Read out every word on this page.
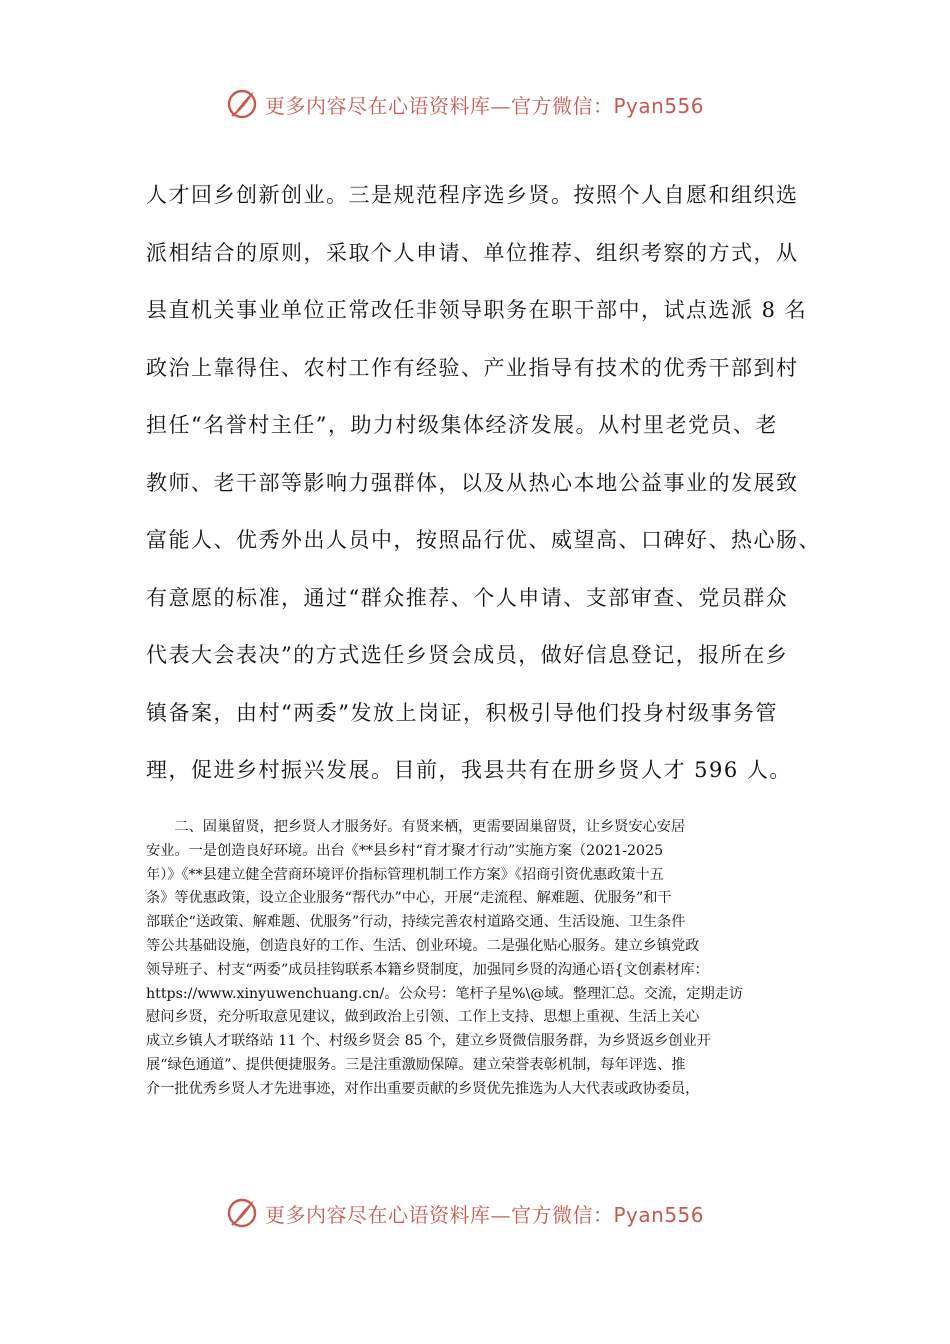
更多内容尽在心语资料库—官方微信：Pyan556
人才回乡创新创业。三是规范程序选乡贤。按照个人自愿和组织选
派相结合的原则，采取个人申请、单位推荐、组织考察的方式，从
县直机关事业单位正常改任非领导职务在职干部中，试点选派 8 名
政治上靠得住、农村工作有经验、产业指导有技术的优秀干部到村
担任“名誉村主任”，助力村级集体经济发展。从村里老党员、老
教师、老干部等影响力强群体，以及从热心本地公益事业的发展致
富能人、优秀外出人员中，按照品行优、威望高、口碑好、热心肠、
有意愿的标准，通过“群众推荐、个人申请、支部审查、党员群众
代表大会表决”的方式选任乡贤会成员，做好信息登记，报所在乡
镇备案，由村“两委”发放上岗证，积极引导他们投身村级事务管
理，促进乡村振兴发展。目前，我县共有在册乡贤人才 596 人。
　　二、固巢留贤，把乡贤人才服务好。有贤来栖，更需要固巢留贤，让乡贤安心安居
安业。一是创造良好环境。出台《**县乡村“育才聚才行动”实施方案（2021-2025
年）》《**县建立健全营商环境评价指标管理机制工作方案》《招商引资优惠政策十五
条》等优惠政策，设立企业服务“帮代办”中心，开展“走流程、解难题、优服务”和干
部联企“送政策、解难题、优服务”行动，持续完善农村道路交通、生活设施、卫生条件
等公共基础设施，创造良好的工作、生活、创业环境。二是强化贴心服务。建立乡镇党政
领导班子、村支“两委”成员挂钩联系本籍乡贤制度，加强同乡贤的沟通心语{文创素材库：
https://www.xinyuwenchuang.cn/。公众号：笔杆子星%\@域。整理汇总。交流，定期走访
慰问乡贤，充分听取意见建议，做到政治上引领、工作上支持、思想上重视、生活上关心
成立乡镇人才联络站 11 个、村级乡贤会 85 个，建立乡贤微信服务群，为乡贤返乡创业开
展“绿色通道”、提供便捷服务。三是注重激励保障。建立荣誉表彰机制，每年评选、推
介一批优秀乡贤人才先进事迹，对作出重要贡献的乡贤优先推选为人大代表或政协委员，
更多内容尽在心语资料库—官方微信：Pyan556
